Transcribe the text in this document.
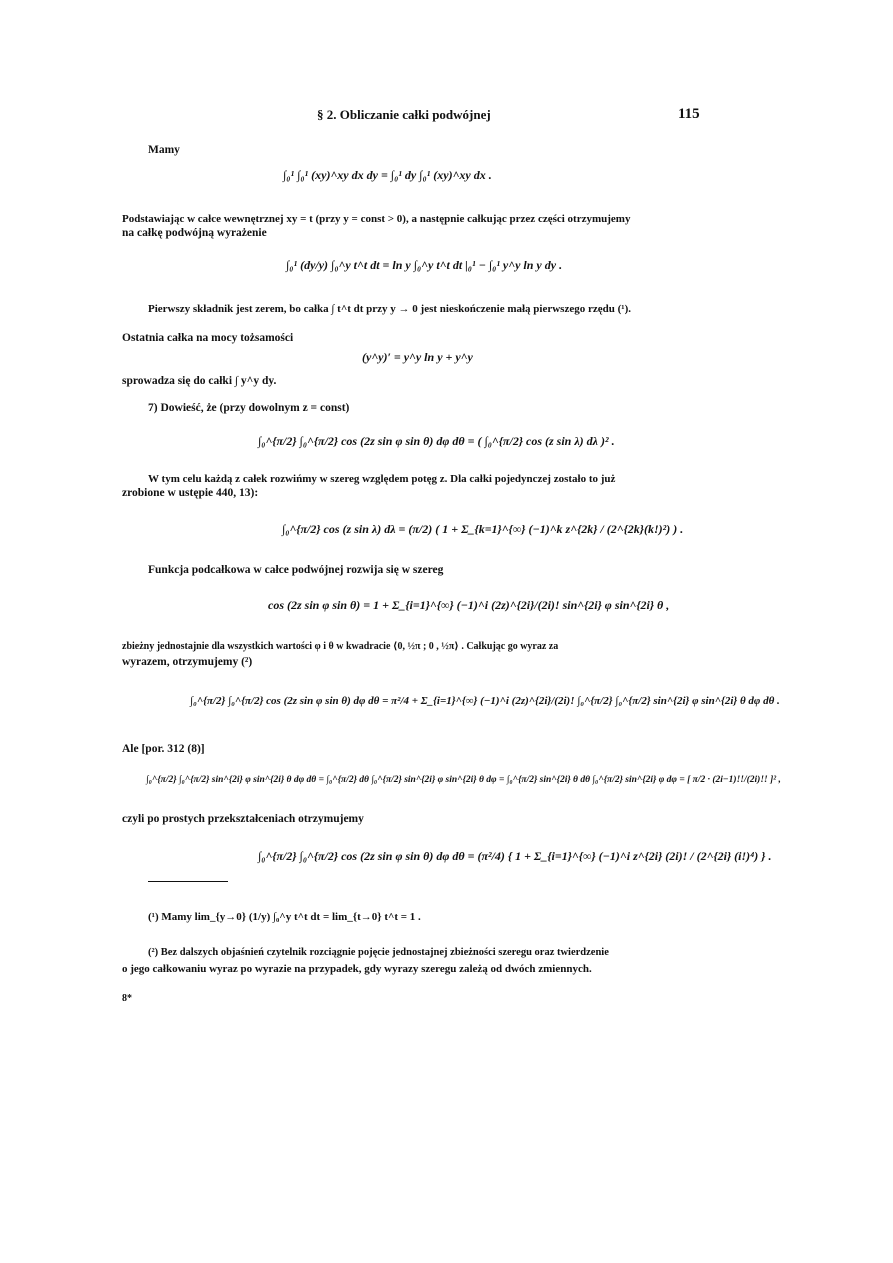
§ 2. Obliczanie całki podwójnej	115
Mamy
∫₀¹ ∫₀¹ (xy)^xy dx dy = ∫₀¹ dy ∫₀¹ (xy)^xy dx .
Podstawiając w całce wewnętrznej xy = t (przy y = const > 0), a następnie całkując przez części otrzymujemy
na całkę podwójną wyrażenie
∫₀¹ (dy/y) ∫₀^y t^t dt = ln y ∫₀^y t^t dt |₀¹ − ∫₀¹ y^y ln y dy .
Pierwszy składnik jest zerem, bo całka ∫ t^t dt przy y → 0 jest nieskończenie małą pierwszego rzędu (¹).
Ostatnia całka na mocy tożsamości
(y^y)′ = y^y ln y + y^y
sprowadza się do całki ∫ y^y dy.
7) Dowieść, że (przy dowolnym z = const)
∫₀^{π/2} ∫₀^{π/2} cos (2z sin φ sin θ) dφ dθ = ( ∫₀^{π/2} cos (z sin λ) dλ )² .
W tym celu każdą z całek rozwińmy w szereg względem potęg z. Dla całki pojedynczej zostało to już
zrobione w ustępie 440, 13):
∫₀^{π/2} cos (z sin λ) dλ = (π/2) ( 1 + Σ_{k=1}^{∞} (−1)^k z^{2k} / (2^{2k}(k!)²) ) .
Funkcja podcałkowa w całce podwójnej rozwija się w szereg
cos (2z sin φ sin θ) = 1 + Σ_{i=1}^{∞} (−1)^i (2z)^{2i}/(2i)! sin^{2i} φ sin^{2i} θ ,
zbieżny jednostajnie dla wszystkich wartości φ i θ w kwadracie ⟨0, ½π ; 0 , ½π⟩ . Całkując go wyraz za
wyrazem, otrzymujemy (²)
∫₀^{π/2} ∫₀^{π/2} cos (2z sin φ sin θ) dφ dθ = π²/4 + Σ_{i=1}^{∞} (−1)^i (2z)^{2i}/(2i)! ∫₀^{π/2} ∫₀^{π/2} sin^{2i} φ sin^{2i} θ dφ dθ .
Ale [por. 312 (8)]
∫₀^{π/2} ∫₀^{π/2} sin^{2i} φ sin^{2i} θ dφ dθ = ∫₀^{π/2} dθ ∫₀^{π/2} sin^{2i} φ sin^{2i} θ dφ = ∫₀^{π/2} sin^{2i} θ dθ ∫₀^{π/2} sin^{2i} φ dφ = [ π/2 · (2i−1)!!/(2i)!! ]² ,
czyli po prostych przekształceniach otrzymujemy
∫₀^{π/2} ∫₀^{π/2} cos (2z sin φ sin θ) dφ dθ = (π²/4) { 1 + Σ_{i=1}^{∞} (−1)^i z^{2i} (2i)! / (2^{2i} (i!)⁴) } .
(¹) Mamy lim_{y→0} (1/y) ∫₀^y t^t dt = lim_{t→0} t^t = 1 .
(²) Bez dalszych objaśnień czytelnik rozciągnie pojęcie jednostajnej zbieżności szeregu oraz twierdzenie
o jego całkowaniu wyraz po wyrazie na przypadek, gdy wyrazy szeregu zależą od dwóch zmiennych.
8*
